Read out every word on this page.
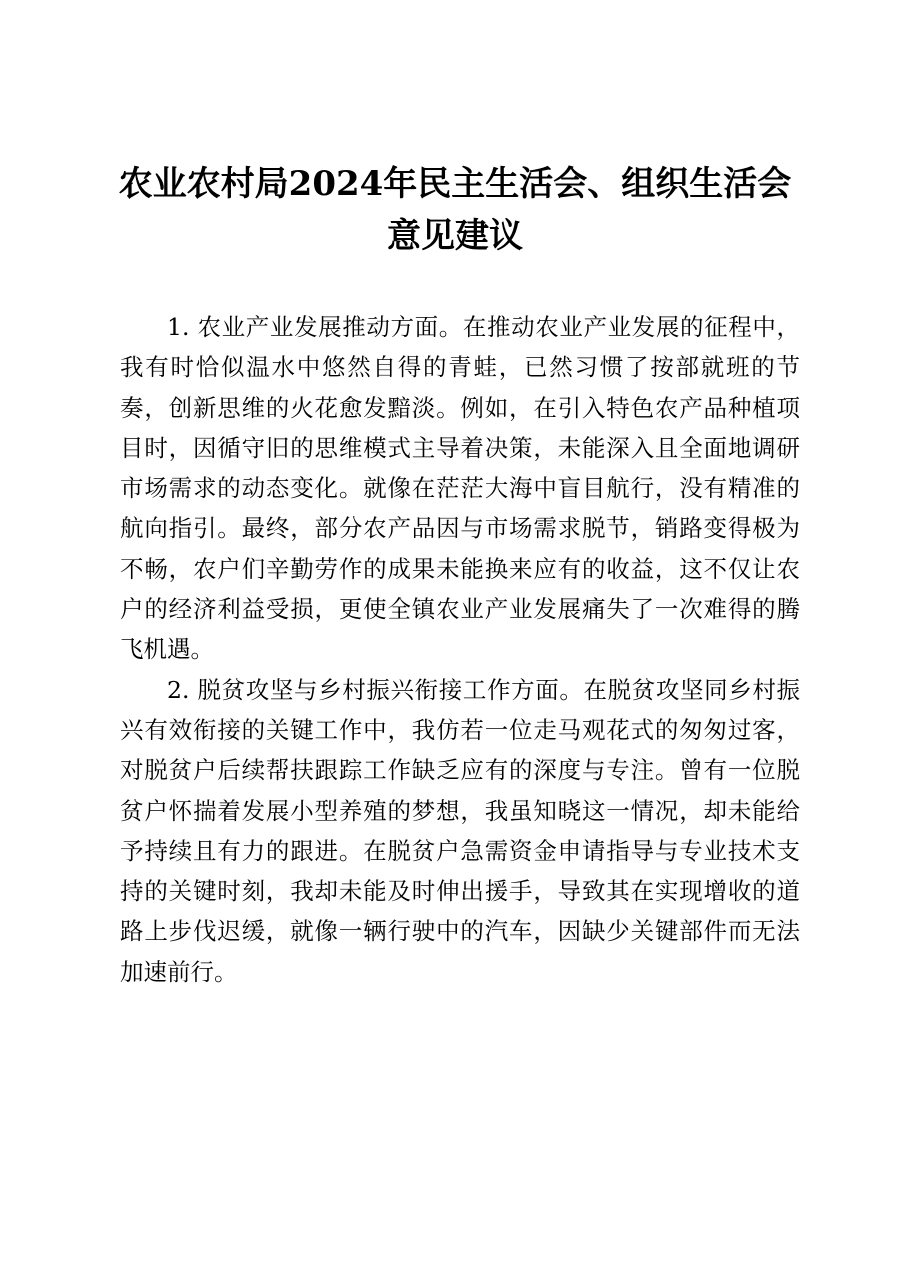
农业农村局2024年民主生活会、组织生活会意见建议

1. 农业产业发展推动方面。在推动农业产业发展的征程中，我有时恰似温水中悠然自得的青蛙，已然习惯了按部就班的节奏，创新思维的火花愈发黯淡。例如，在引入特色农产品种植项目时，因循守旧的思维模式主导着决策，未能深入且全面地调研市场需求的动态变化。就像在茫茫大海中盲目航行，没有精准的航向指引。最终，部分农产品因与市场需求脱节，销路变得极为不畅，农户们辛勤劳作的成果未能换来应有的收益，这不仅让农户的经济利益受损，更使全镇农业产业发展痛失了一次难得的腾飞机遇。

2. 脱贫攻坚与乡村振兴衔接工作方面。在脱贫攻坚同乡村振兴有效衔接的关键工作中，我仿若一位走马观花式的匆匆过客，对脱贫户后续帮扶跟踪工作缺乏应有的深度与专注。曾有一位脱贫户怀揣着发展小型养殖的梦想，我虽知晓这一情况，却未能给予持续且有力的跟进。在脱贫户急需资金申请指导与专业技术支持的关键时刻，我却未能及时伸出援手，导致其在实现增收的道路上步伐迟缓，就像一辆行驶中的汽车，因缺少关键部件而无法加速前行。
